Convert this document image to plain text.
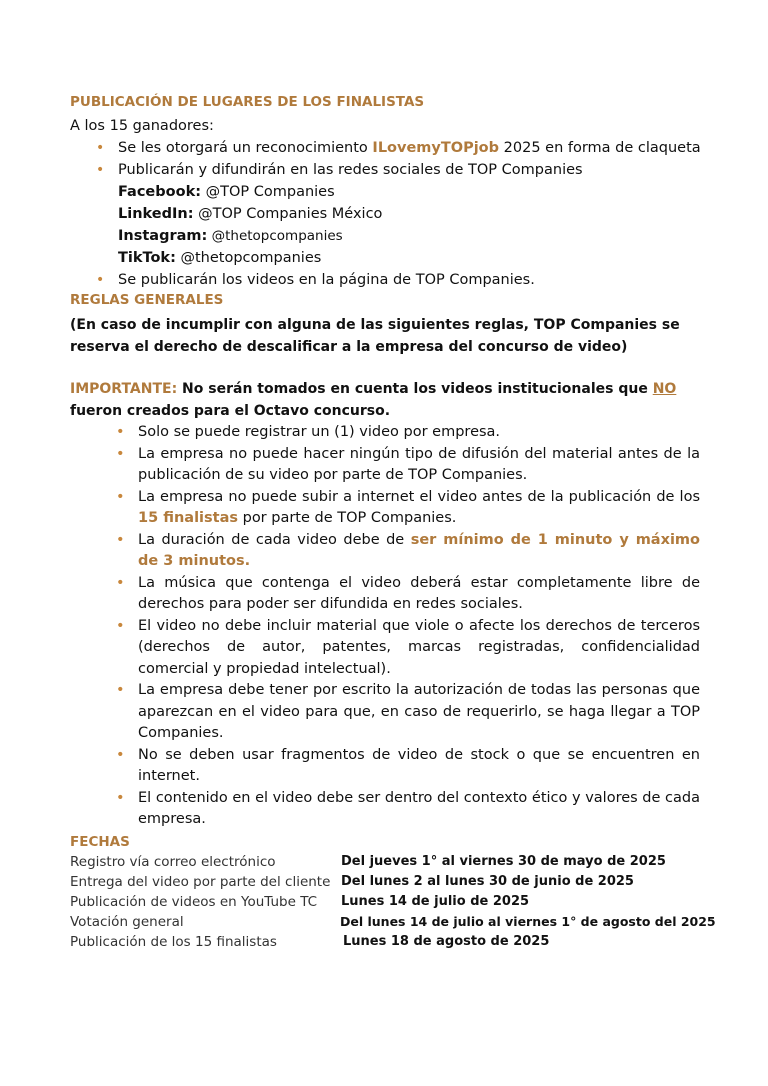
PUBLICACIÓN DE LUGARES DE LOS FINALISTAS
A los 15 ganadores:
• Se les otorgará un reconocimiento ILovemyTOPjob 2025 en forma de claqueta
• Publicarán y difundirán en las redes sociales de TOP Companies
Facebook: @TOP Companies
LinkedIn: @TOP Companies México
Instagram: @thetopcompanies
TikTok: @thetopcompanies
• Se publicarán los videos en la página de TOP Companies.
REGLAS GENERALES
(En caso de incumplir con alguna de las siguientes reglas, TOP Companies se reserva el derecho de descalificar a la empresa del concurso de video)
IMPORTANTE: No serán tomados en cuenta los videos institucionales que NO fueron creados para el Octavo concurso.
• Solo se puede registrar un (1) video por empresa.
• La empresa no puede hacer ningún tipo de difusión del material antes de la publicación de su video por parte de TOP Companies.
• La empresa no puede subir a internet el video antes de la publicación de los 15 finalistas por parte de TOP Companies.
• La duración de cada video debe de ser mínimo de 1 minuto y máximo de 3 minutos.
• La música que contenga el video deberá estar completamente libre de derechos para poder ser difundida en redes sociales.
• El video no debe incluir material que viole o afecte los derechos de terceros (derechos de autor, patentes, marcas registradas, confidencialidad comercial y propiedad intelectual).
• La empresa debe tener por escrito la autorización de todas las personas que aparezcan en el video para que, en caso de requerirlo, se haga llegar a TOP Companies.
• No se deben usar fragmentos de video de stock o que se encuentren en internet.
• El contenido en el video debe ser dentro del contexto ético y valores de cada empresa.
FECHAS
Registro vía correo electrónico	Del jueves 1° al viernes 30 de mayo de 2025
Entrega del video por parte del cliente Del lunes 2 al lunes 30 de junio de 2025
Publicación de videos en YouTube TC Lunes 14 de julio de 2025
Votación general	Del lunes 14 de julio al viernes 1° de agosto del 2025
Publicación de los 15 finalistas	Lunes 18 de agosto de 2025
